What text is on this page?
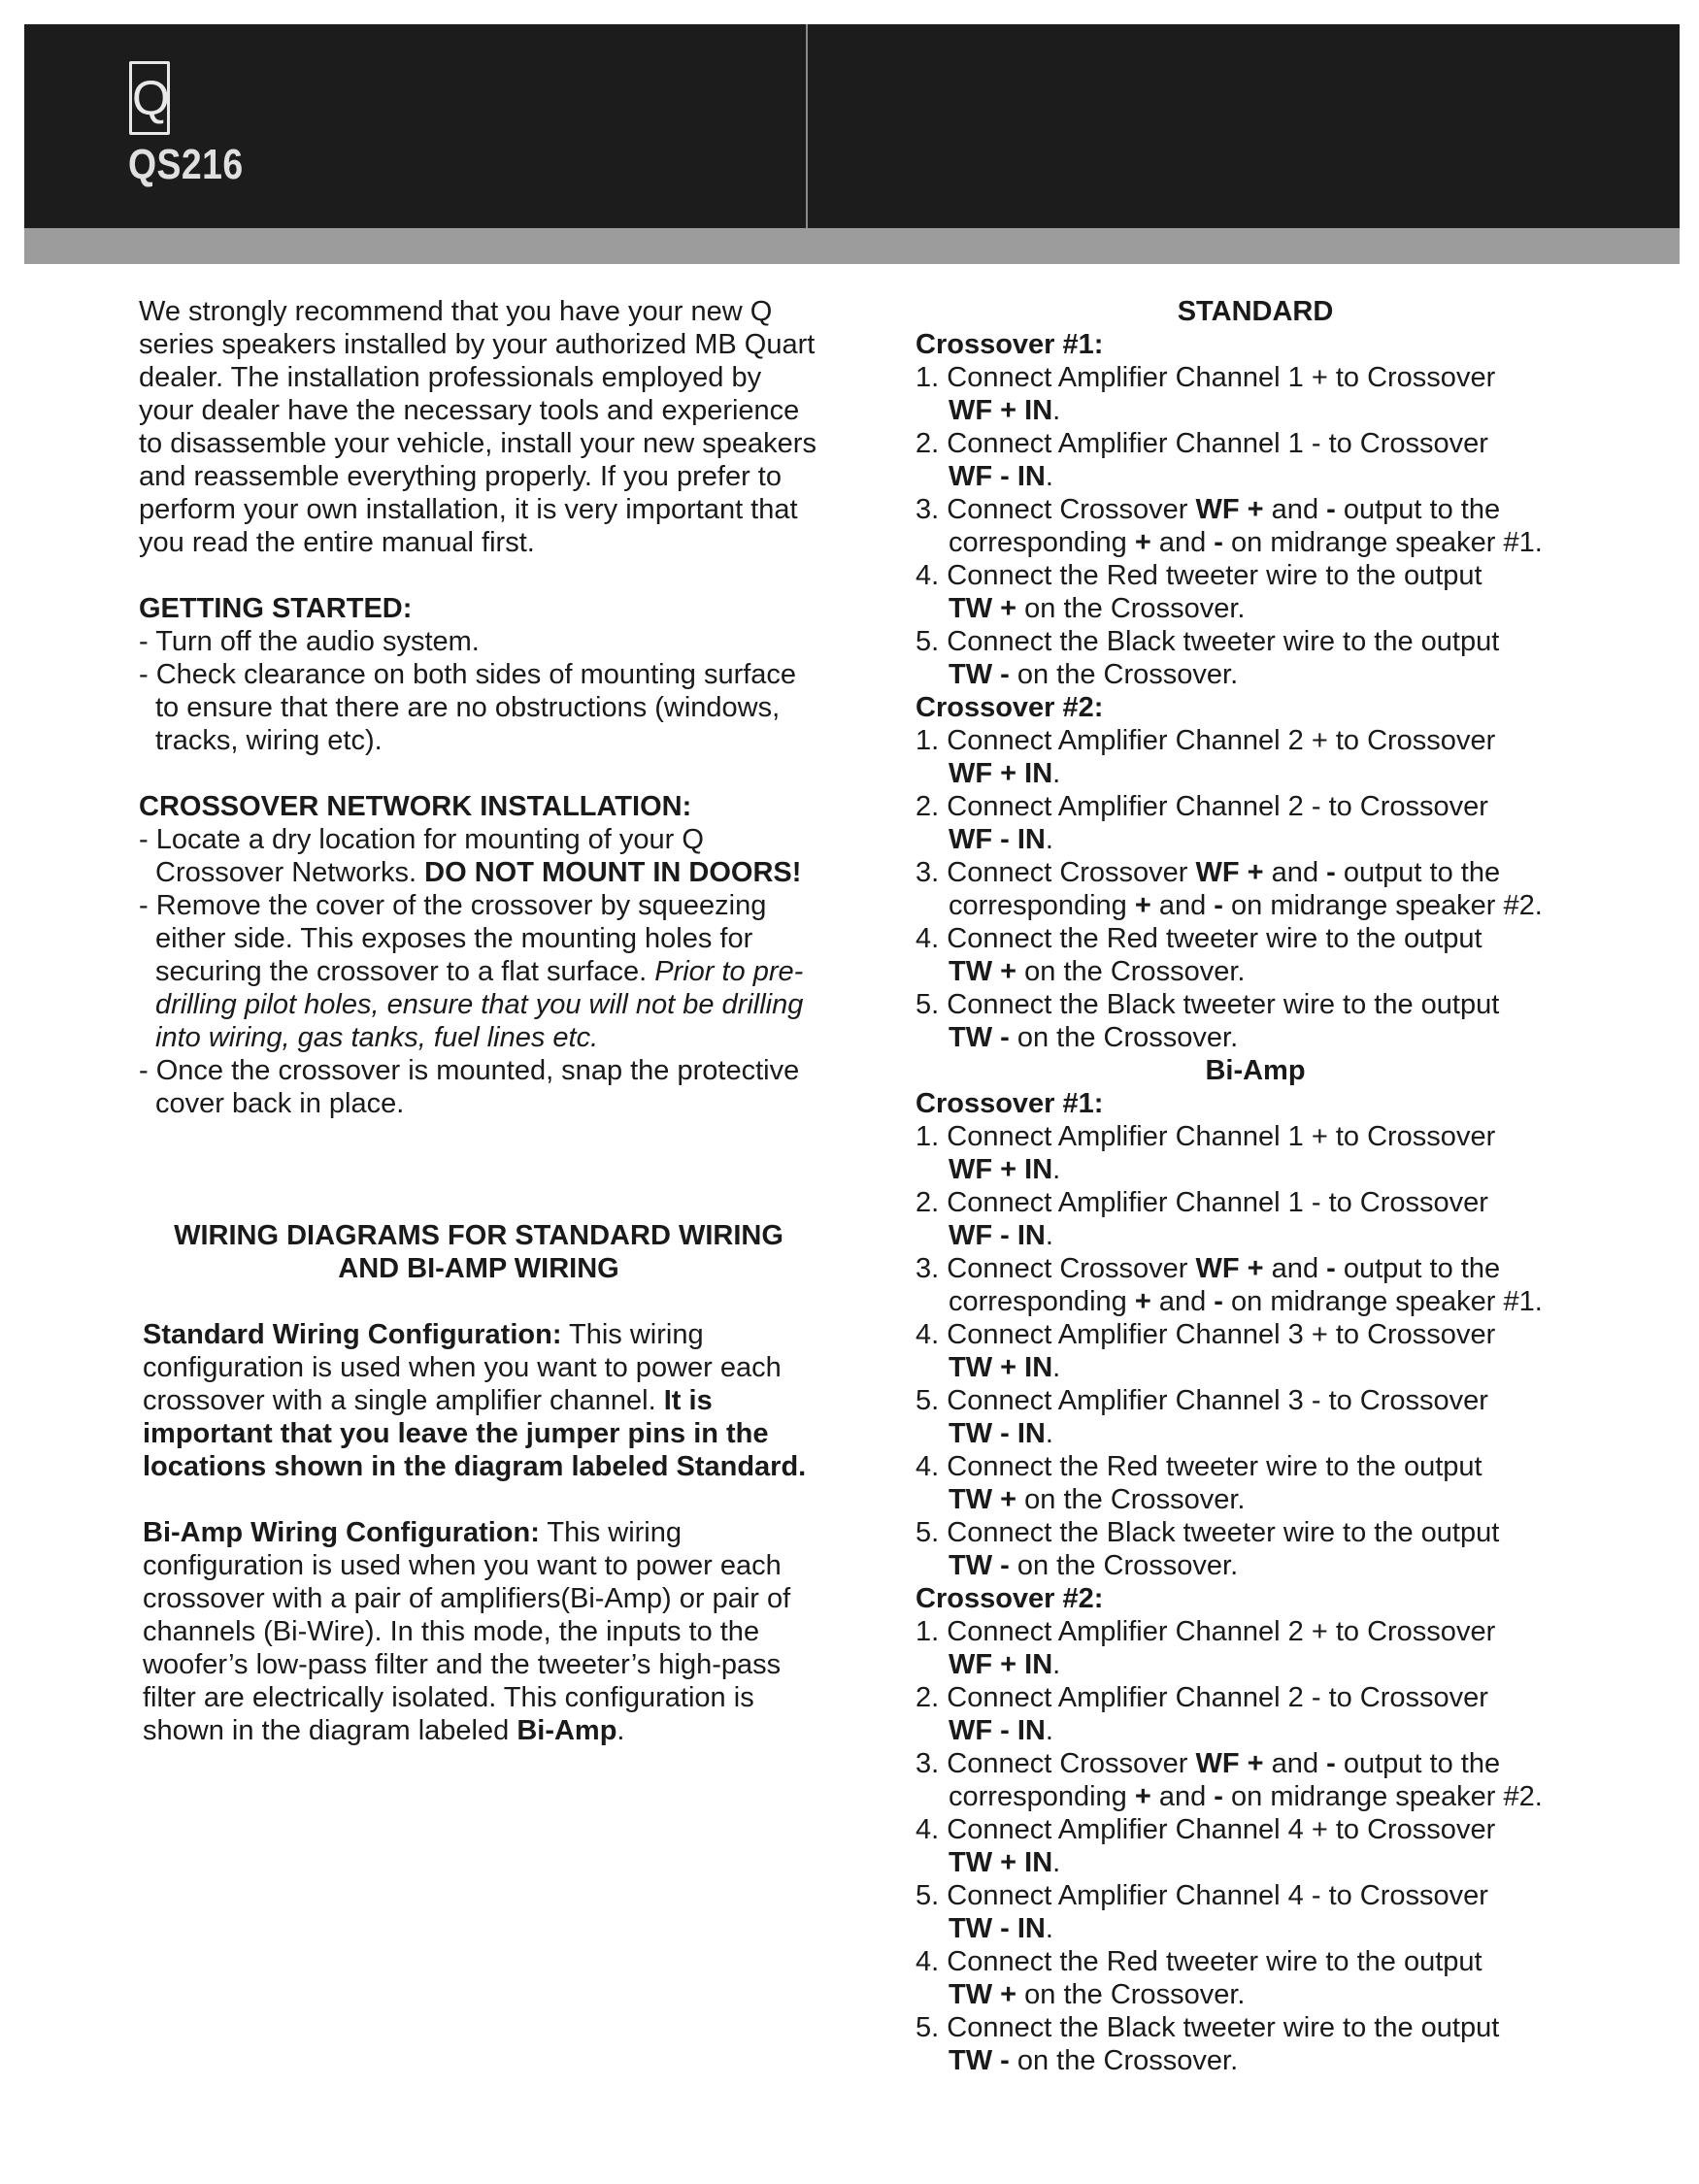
Q
QS216

We strongly recommend that you have your new Q series speakers installed by your authorized MB Quart dealer. The installation professionals employed by your dealer have the necessary tools and experience to disassemble your vehicle, install your new speakers and reassemble everything properly. If you prefer to perform your own installation, it is very important that you read the entire manual first.

GETTING STARTED:

- Turn off the audio system.

- Check clearance on both sides of mounting surface to ensure that there are no obstructions (windows, tracks, wiring etc).

CROSSOVER NETWORK INSTALLATION:

- Locate a dry location for mounting of your Q Crossover Networks. DO NOT MOUNT IN DOORS!

- Remove the cover of the crossover by squeezing either side. This exposes the mounting holes for securing the crossover to a flat surface. Prior to pre-drilling pilot holes, ensure that you will not be drilling into wiring, gas tanks, fuel lines etc.

- Once the crossover is mounted, snap the protective cover back in place.

WIRING DIAGRAMS FOR STANDARD WIRING
AND BI-AMP WIRING

Standard Wiring Configuration: This wiring configuration is used when you want to power each crossover with a single amplifier channel. It is important that you leave the jumper pins in the locations shown in the diagram labeled Standard.

Bi-Amp Wiring Configuration: This wiring configuration is used when you want to power each crossover with a pair of amplifiers(Bi-Amp) or pair of channels (Bi-Wire). In this mode, the inputs to the woofer’s low-pass filter and the tweeter’s high-pass filter are electrically isolated. This configuration is shown in the diagram labeled Bi-Amp.

STANDARD

Crossover #1:

1. Connect Amplifier Channel 1 + to Crossover
WF + IN.

2. Connect Amplifier Channel 1 - to Crossover
WF - IN.

3. Connect Crossover WF + and - output to the
corresponding + and - on midrange speaker #1.

4. Connect the Red tweeter wire to the output
TW + on the Crossover.

5. Connect the Black tweeter wire to the output
TW - on the Crossover.

Crossover #2:

1. Connect Amplifier Channel 2 + to Crossover
WF + IN.

2. Connect Amplifier Channel 2 - to Crossover
WF - IN.

3. Connect Crossover WF + and - output to the
corresponding + and - on midrange speaker #2.

4. Connect the Red tweeter wire to the output
TW + on the Crossover.

5. Connect the Black tweeter wire to the output
TW - on the Crossover.

Bi-Amp

Crossover #1:

1. Connect Amplifier Channel 1 + to Crossover
WF + IN.

2. Connect Amplifier Channel 1 - to Crossover
WF - IN.

3. Connect Crossover WF + and - output to the
corresponding + and - on midrange speaker #1.

4. Connect Amplifier Channel 3 + to Crossover
TW + IN.

5. Connect Amplifier Channel 3 - to Crossover
TW - IN.

4. Connect the Red tweeter wire to the output
TW + on the Crossover.

5. Connect the Black tweeter wire to the output
TW - on the Crossover.

Crossover #2:

1. Connect Amplifier Channel 2 + to Crossover
WF + IN.

2. Connect Amplifier Channel 2 - to Crossover
WF - IN.

3. Connect Crossover WF + and - output to the
corresponding + and - on midrange speaker #2.

4. Connect Amplifier Channel 4 + to Crossover
TW + IN.

5. Connect Amplifier Channel 4 - to Crossover
TW - IN.

4. Connect the Red tweeter wire to the output
TW + on the Crossover.

5. Connect the Black tweeter wire to the output
TW - on the Crossover.
